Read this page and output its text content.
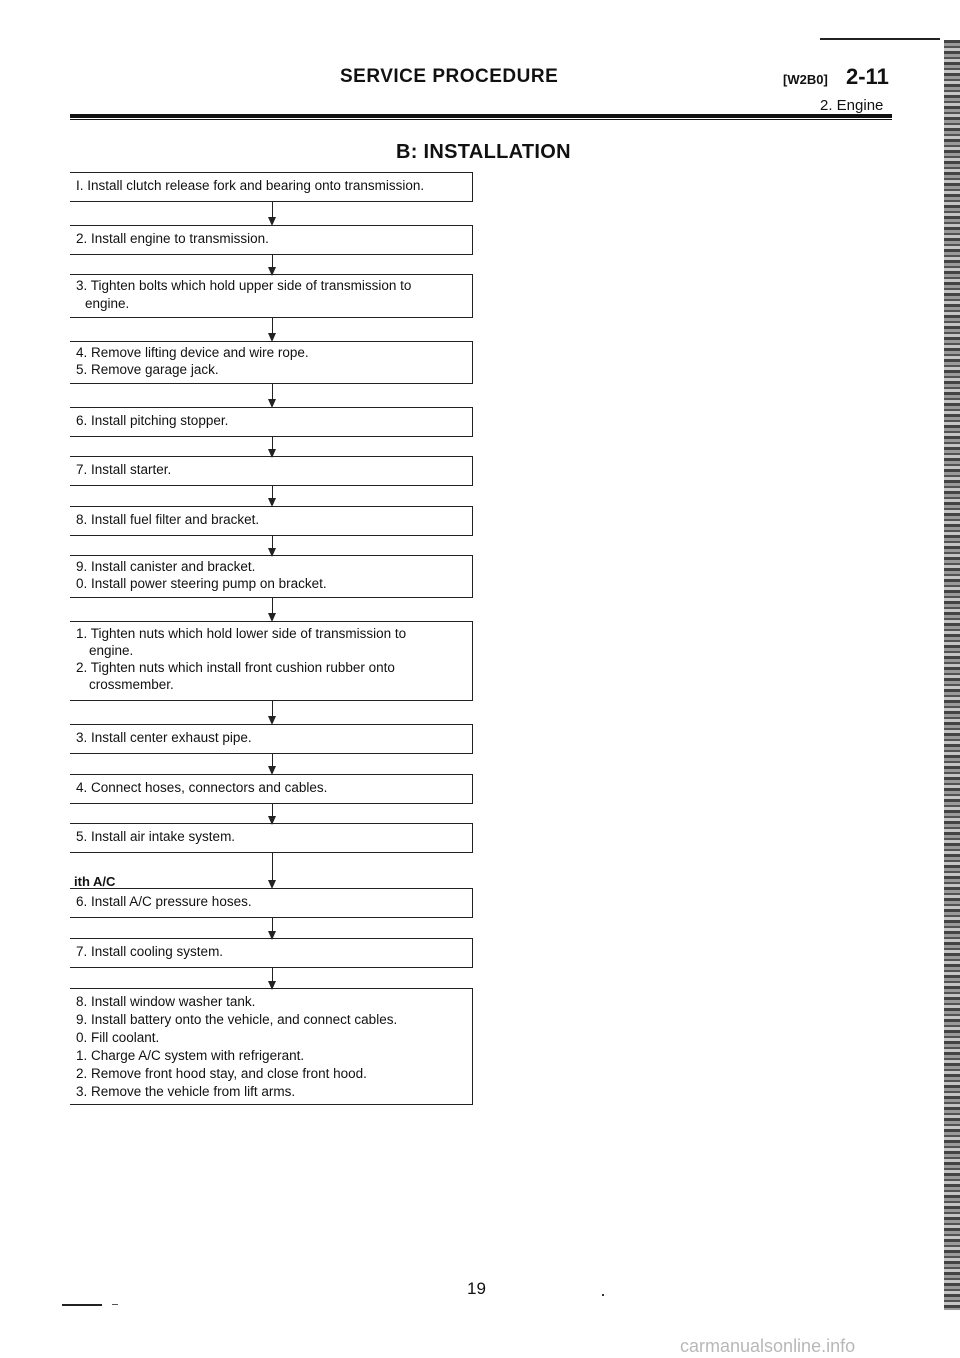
SERVICE PROCEDURE	[W2B0] 2-11
2. Engine
B: INSTALLATION
Ι. Install clutch release fork and bearing onto transmission.
2. Install engine to transmission.
3. Tighten bolts which hold upper side of transmission to
engine.
4. Remove lifting device and wire rope.
5. Remove garage jack.
6. Install pitching stopper.
7. Install starter.
8. Install fuel filter and bracket.
9. Install canister and bracket.
0. Install power steering pump on bracket.
1. Tighten nuts which hold lower side of transmission to
engine.
2. Tighten nuts which install front cushion rubber onto
crossmember.
3. Install center exhaust pipe.
4. Connect hoses, connectors and cables.
5. Install air intake system.
ith A/C
6. Install A/C pressure hoses.
7. Install cooling system.
8. Install window washer tank.
9. Install battery onto the vehicle, and connect cables.
0. Fill coolant.
1. Charge A/C system with refrigerant.
2. Remove front hood stay, and close front hood.
3. Remove the vehicle from lift arms.
19
carmanualsonline.info
